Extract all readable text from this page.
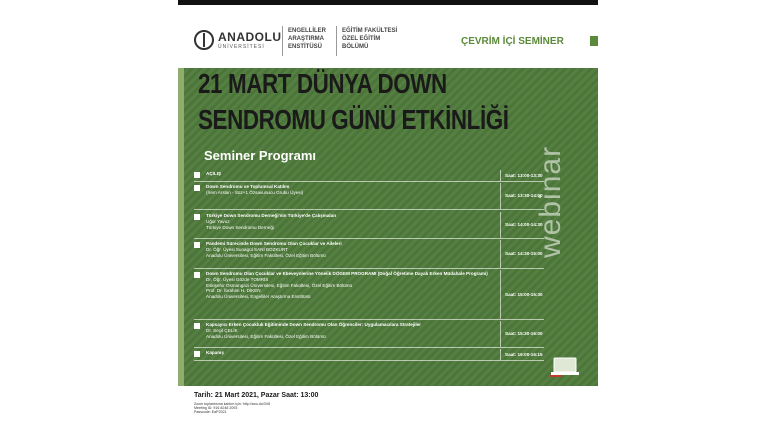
ANADOLU
ÜNİVERSİTESİ
ENGELLİLER
ARAŞTIRMA
ENSTİTÜSÜ
EĞİTİM FAKÜLTESİ
ÖZEL EĞİTİM
BÖLÜMÜ	ÇEVRİM İÇİ SEMİNER
21 MART DÜNYA DOWN
SENDROMU GÜNÜ ETKİNLİĞİ
Seminer Programı
AÇILIŞ	Saat: 13:00-13:30
Down Sendromu ve Toplumsal Katılım
(İrem Arslan - Süz+1 Özsavunucu Grubu Üyesi)
Saat: 13:30-14:00
Türkiye Down Sendromu Derneği'nin Türkiye'de Çalışmaları
Uğur Yavuz
Türkiye Down Sendromu Derneği	Saat: 14:00-14:30
Pandemi Sürecinde Down Sendromu Olan Çocuklar ve Aileleri
Dr. Öğr. Üyesi Sunagül SANİ BOZKURT
Anadolu Üniversitesi, Eğitim Fakültesi, Özel Eğitim Bölümü	Saat: 14:30-15:00
Down Sendromu Olan Çocuklar ve Ebeveynlerine Yönelik DÖGEM PROGRAMI (Doğal Öğretime Dayalı Erken Müdahale Programı)
Dr. Öğr. Üyesi Gözde TOMRİS
Eskişehir Osmangazi Üniversitesi, Eğitim Fakültesi, Özel Eğitim Bölümü
Prof. Dr. İbrahim H. DİKEN
Anadolu Üniversitesi, Engelliler Araştırma Enstitüsü	Saat: 15:00-15:30
Kapsayıcı Erken Çocukluk Eğitiminde Down Sendromu Olan Öğrenciler: Uygulamacılara Stratejiler
Dr. Seçil ÇELİK
Anadolu Üniversitesi, Eğitim Fakültesi, Özel Eğitim Bölümü	Saat: 15:30-16:00
Kapanış	Saat: 16:00-16:15
webinar
Tarih: 21 Mart 2021, Pazar Saat: 13:00
Zoom toplantısına katılım için: http://anu.do/3V8
Meeting ID: 916 8248 2093
Passcode: EaP2021
